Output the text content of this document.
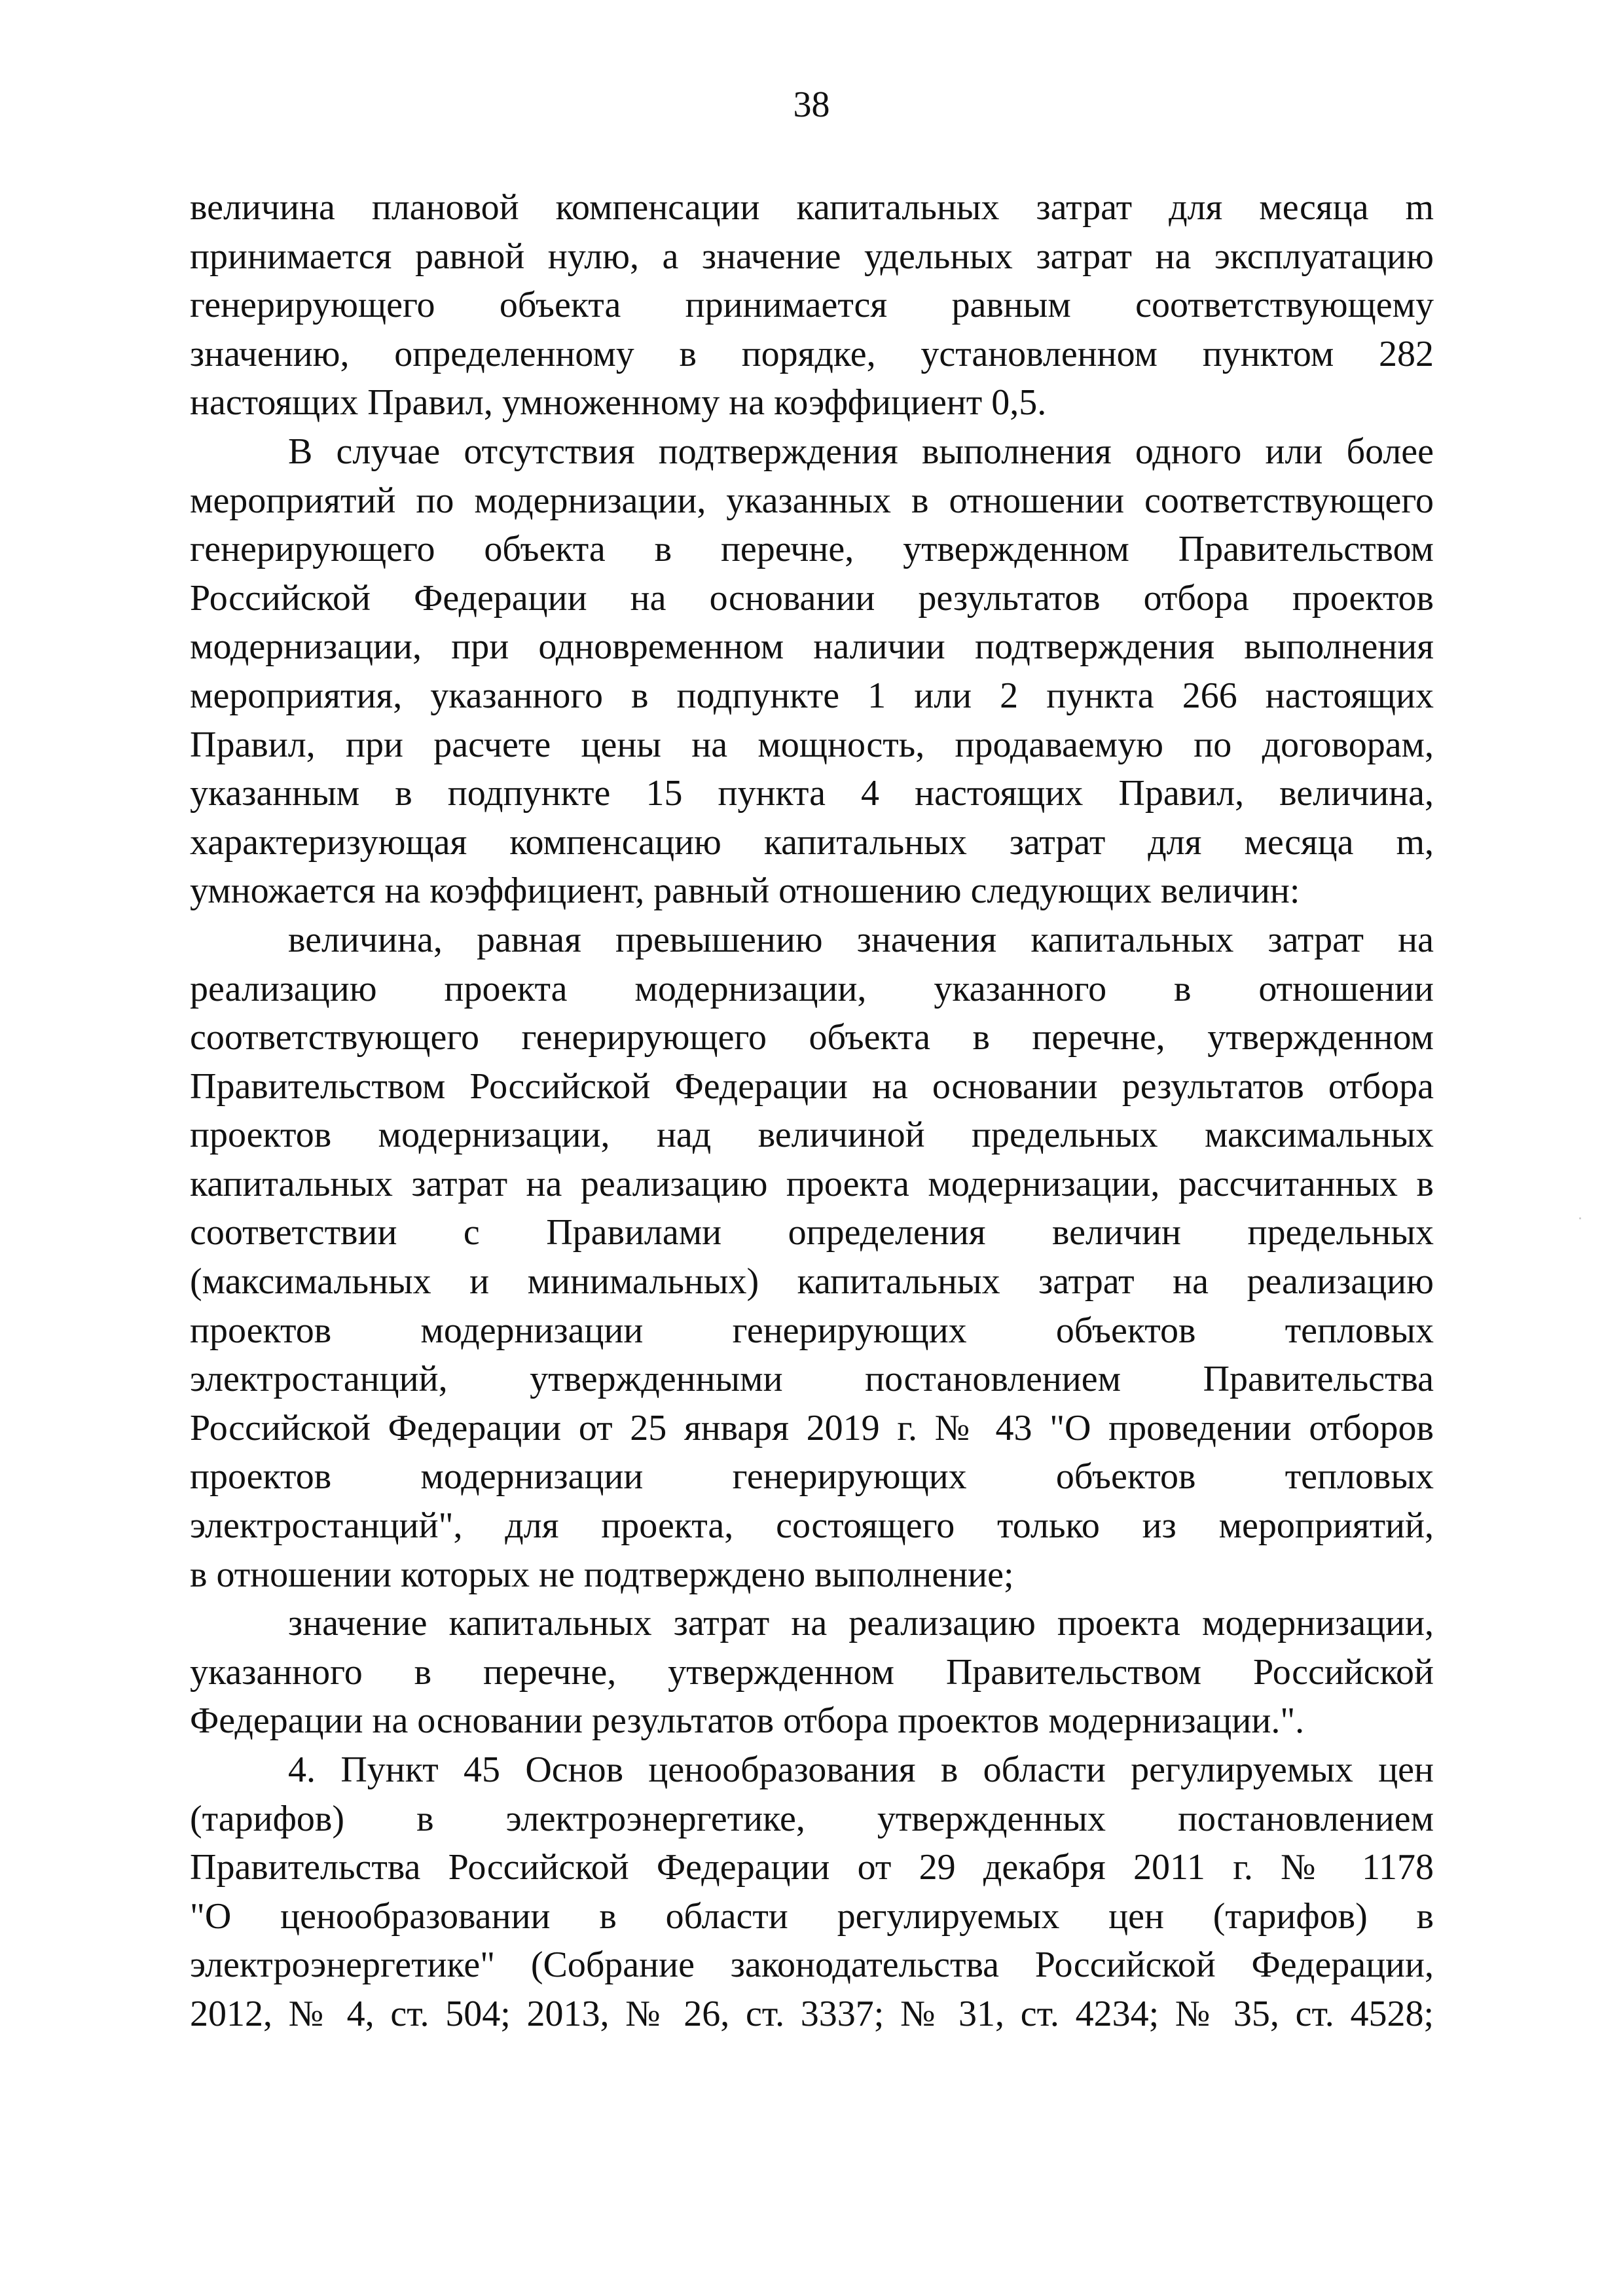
38
величина плановой компенсации капитальных затрат для месяца m
принимается равной нулю, а значение удельных затрат на эксплуатацию
генерирующего объекта принимается равным соответствующему
значению, определенному в порядке, установленном пунктом 282
настоящих Правил, умноженному на коэффициент 0,5.
В случае отсутствия подтверждения выполнения одного или более
мероприятий по модернизации, указанных в отношении соответствующего
генерирующего объекта в перечне, утвержденном Правительством
Российской Федерации на основании результатов отбора проектов
модернизации, при одновременном наличии подтверждения выполнения
мероприятия, указанного в подпункте 1 или 2 пункта 266 настоящих
Правил, при расчете цены на мощность, продаваемую по договорам,
указанным в подпункте 15 пункта 4 настоящих Правил, величина,
характеризующая компенсацию капитальных затрат для месяца m,
умножается на коэффициент, равный отношению следующих величин:
величина, равная превышению значения капитальных затрат на
реализацию проекта модернизации, указанного в отношении
соответствующего генерирующего объекта в перечне, утвержденном
Правительством Российской Федерации на основании результатов отбора
проектов модернизации, над величиной предельных максимальных
капитальных затрат на реализацию проекта модернизации, рассчитанных в
соответствии с Правилами определения величин предельных
(максимальных и минимальных) капитальных затрат на реализацию
проектов модернизации генерирующих объектов тепловых
электростанций, утвержденными постановлением Правительства
Российской Федерации от 25 января 2019 г. № 43 "О проведении отборов
проектов модернизации генерирующих объектов тепловых
электростанций", для проекта, состоящего только из мероприятий,
в отношении которых не подтверждено выполнение;
значение капитальных затрат на реализацию проекта модернизации,
указанного в перечне, утвержденном Правительством Российской
Федерации на основании результатов отбора проектов модернизации.".
4. Пункт 45 Основ ценообразования в области регулируемых цен
(тарифов) в электроэнергетике, утвержденных постановлением
Правительства Российской Федерации от 29 декабря 2011 г. № 1178
"О ценообразовании в области регулируемых цен (тарифов) в
электроэнергетике" (Собрание законодательства Российской Федерации,
2012, № 4, ст. 504; 2013, № 26, ст. 3337; № 31, ст. 4234; № 35, ст. 4528;
